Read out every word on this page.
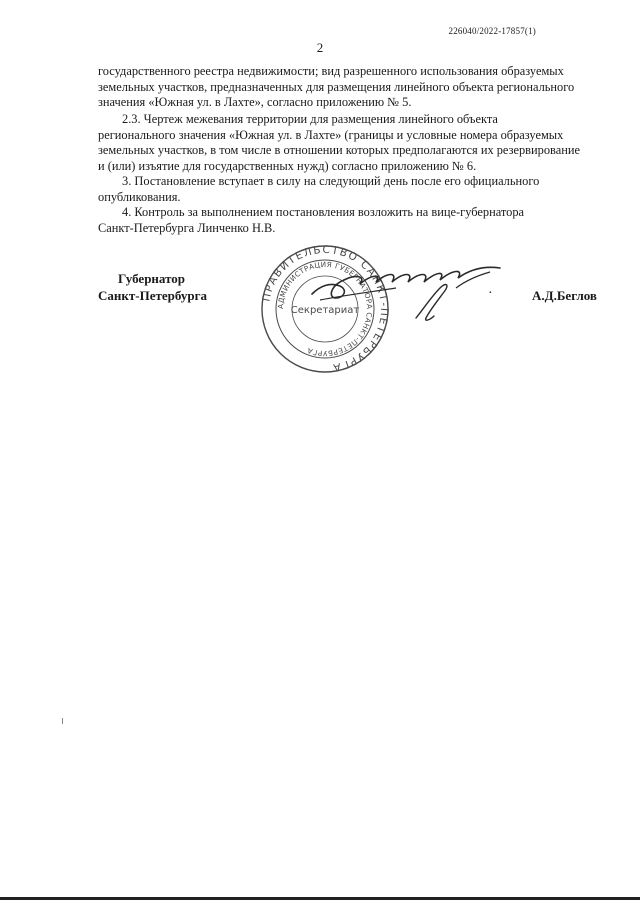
226040/2022-17857(1)
2
государственного реестра недвижимости; вид разрешенного использования образуемых
земельных участков, предназначенных для размещения линейного объекта регионального
значения «Южная ул. в Лахте», согласно приложению № 5.
2.3. Чертеж межевания территории для размещения линейного объекта
регионального значения «Южная ул. в Лахте» (границы и условные номера образуемых
земельных участков, в том числе в отношении которых предполагаются их резервирование
и (или) изъятие для государственных нужд) согласно приложению № 6.
3. Постановление вступает в силу на следующий день после его официального
опубликования.
4. Контроль за выполнением постановления возложить на вице-губернатора
Санкт-Петербурга Линченко Н.В.
Губернатор
Санкт-Петербурга	ПРАВИТЕЛЬСТВО САНКТ-ПЕТЕРБУРГА
АДМИНИСТРАЦИЯ ГУБЕРНАТОРА САНКТ-ПЕТЕРБУРГА
Секретариат
·	А.Д.Беглов
